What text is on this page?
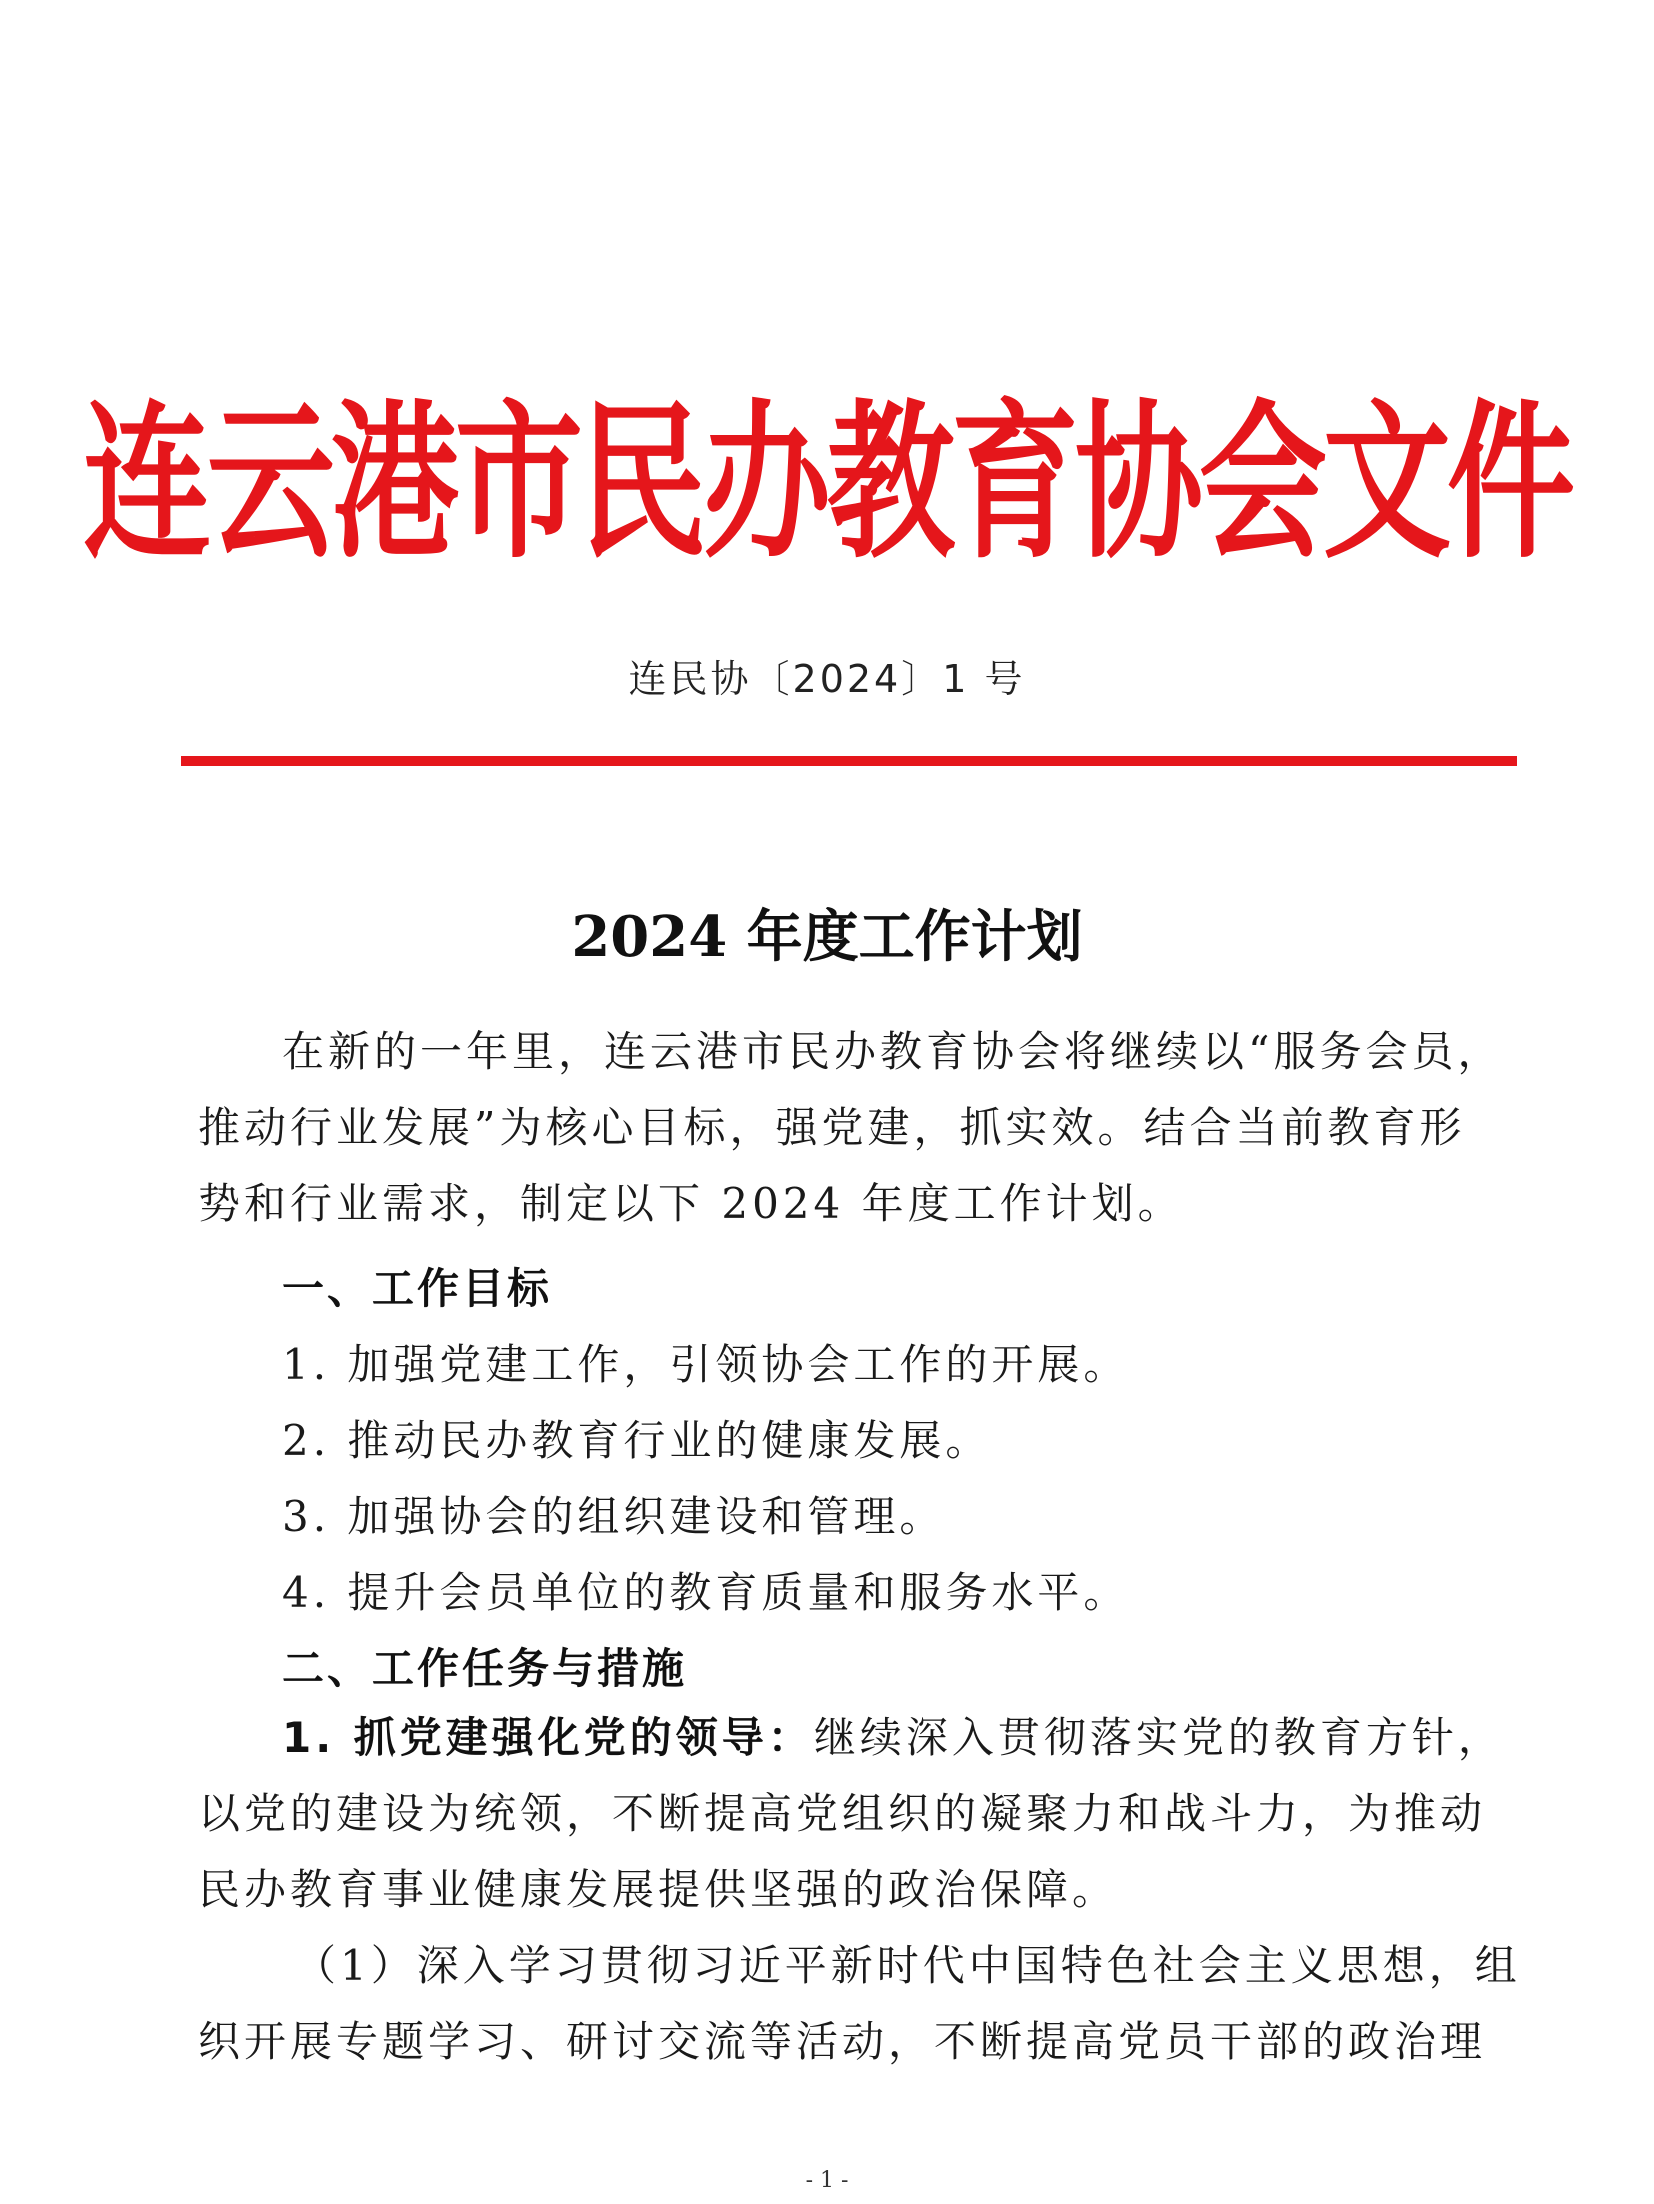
连云港市民办教育协会文件
连民协〔2024〕1 号
2024 年度工作计划
在新的一年里，连云港市民办教育协会将继续以“服务会员，
推动行业发展”为核心目标，强党建，抓实效。结合当前教育形
势和行业需求，制定以下 2024 年度工作计划。
一、工作目标
1. 加强党建工作，引领协会工作的开展。
2. 推动民办教育行业的健康发展。
3. 加强协会的组织建设和管理。
4. 提升会员单位的教育质量和服务水平。
二、工作任务与措施
1. 抓党建强化党的领导：继续深入贯彻落实党的教育方针，
以党的建设为统领，不断提高党组织的凝聚力和战斗力，为推动
民办教育事业健康发展提供坚强的政治保障。
（1）深入学习贯彻习近平新时代中国特色社会主义思想，组
织开展专题学习、研讨交流等活动，不断提高党员干部的政治理
- 1 -
